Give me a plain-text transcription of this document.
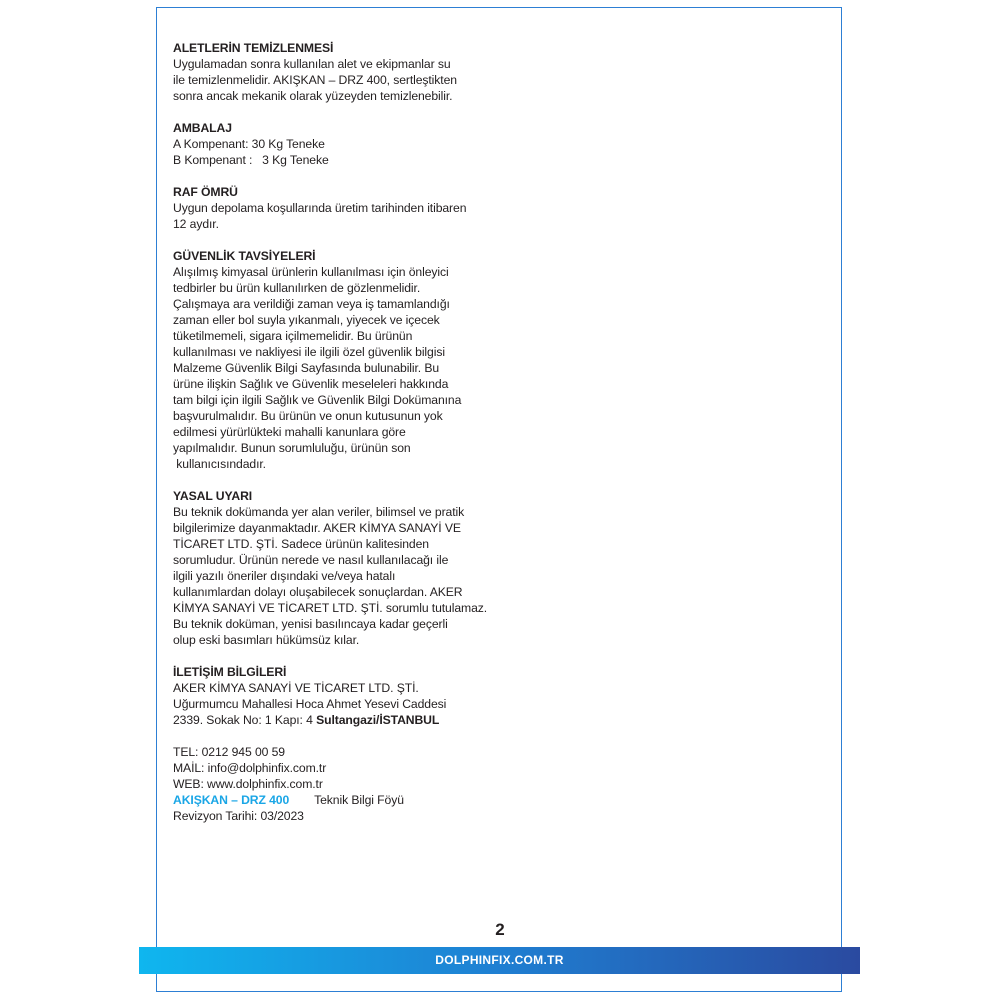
ALETLERİN TEMİZLENMESİ
Uygulamadan sonra kullanılan alet ve ekipmanlar su
ile temizlenmelidir. AKIŞKAN – DRZ 400, sertleştikten
sonra ancak mekanik olarak yüzeyden temizlenebilir.
AMBALAJ
A Kompenant: 30 Kg Teneke
B Kompenant :   3 Kg Teneke
RAF ÖMRÜ
Uygun depolama koşullarında üretim tarihinden itibaren
12 aydır.
GÜVENLİK TAVSİYELERİ
Alışılmış kimyasal ürünlerin kullanılması için önleyici
tedbirler bu ürün kullanılırken de gözlenmelidir.
Çalışmaya ara verildiği zaman veya iş tamamlandığı
zaman eller bol suyla yıkanmalı, yiyecek ve içecek
tüketilmemeli, sigara içilmemelidir. Bu ürünün
kullanılması ve nakliyesi ile ilgili özel güvenlik bilgisi
Malzeme Güvenlik Bilgi Sayfasında bulunabilir. Bu
ürüne ilişkin Sağlık ve Güvenlik meseleleri hakkında
tam bilgi için ilgili Sağlık ve Güvenlik Bilgi Dokümanına
başvurulmalıdır. Bu ürünün ve onun kutusunun yok
edilmesi yürürlükteki mahalli kanunlara göre
yapılmalıdır. Bunun sorumluluğu, ürünün son
kullanıcısındadır.
YASAL UYARI
Bu teknik dokümanda yer alan veriler, bilimsel ve pratik
bilgilerimize dayanmaktadır. AKER KİMYA SANAYİ VE
TİCARET LTD. ŞTİ. Sadece ürünün kalitesinden
sorumludur. Ürünün nerede ve nasıl kullanılacağı ile
ilgili yazılı öneriler dışındaki ve/veya hatalı
kullanımlardan dolayı oluşabilecek sonuçlardan. AKER
KİMYA SANAYİ VE TİCARET LTD. ŞTİ. sorumlu tutulamaz.
Bu teknik doküman, yenisi basılıncaya kadar geçerli
olup eski basımları hükümsüz kılar.
İLETİŞİM BİLGİLERİ
AKER KİMYA SANAYİ VE TİCARET LTD. ŞTİ.
Uğurmumcu Mahallesi Hoca Ahmet Yesevi Caddesi
2339. Sokak No: 1 Kapı: 4 Sultangazi/İSTANBUL
TEL: 0212 945 00 59
MAİL: info@dolphinfix.com.tr
WEB: www.dolphinfix.com.tr
AKIŞKAN – DRZ 400 Teknik Bilgi Föyü
Revizyon Tarihi: 03/2023
2
DOLPHINFIX.COM.TR
